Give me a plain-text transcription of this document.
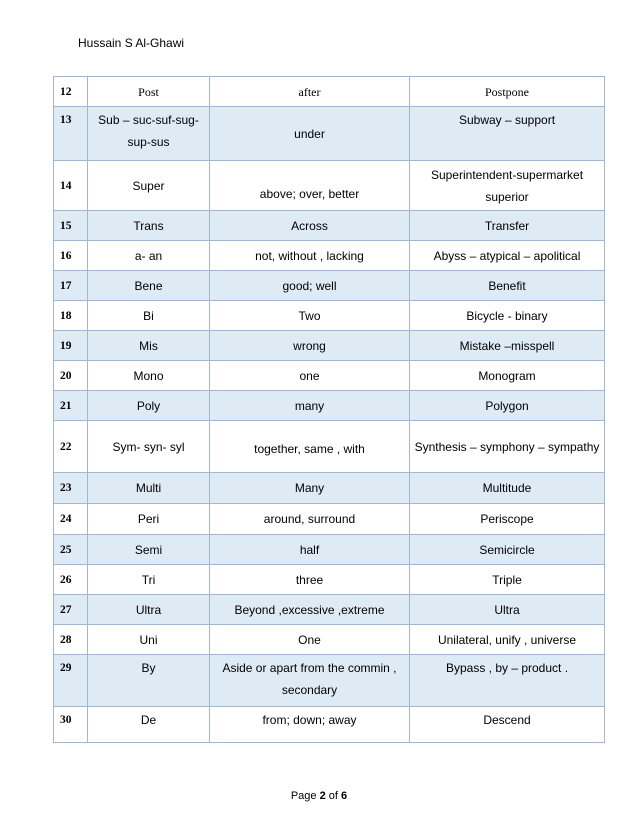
Hussain S Al-Ghawi
12	Post	after	Postpone
13	Sub – suc-suf-sug-sup-sus	under	Subway – support
14	Super	above; over, better	Superintendent-supermarket superior
15	Trans	Across	Transfer
16	a- an	not, without , lacking	Abyss – atypical – apolitical
17	Bene	good; well	Benefit
18	Bi	Two	Bicycle - binary
19	Mis	wrong	Mistake –misspell
20	Mono	one	Monogram
21	Poly	many	Polygon
22	Sym- syn- syl	together, same , with	Synthesis – symphony – sympathy
23	Multi	Many	Multitude
24	Peri	around, surround	Periscope
25	Semi	half	Semicircle
26	Tri	three	Triple
27	Ultra	Beyond ,excessive ,extreme	Ultra
28	Uni	One	Unilateral, unify , universe
29	By	Aside or apart from the commin , secondary	Bypass , by – product .
30	De	from; down; away	Descend
Page 2 of 6
